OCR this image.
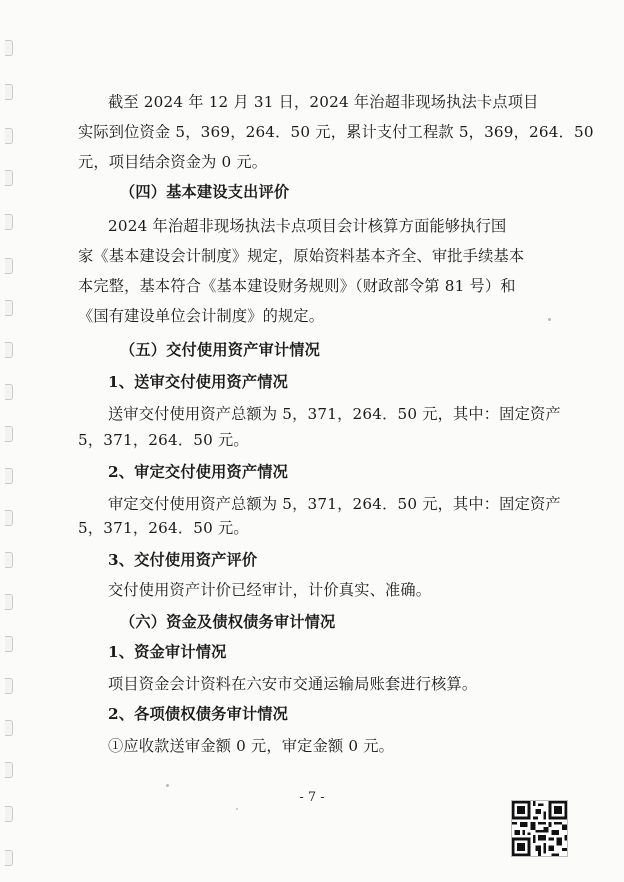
截至 2024 年 12 月 31 日，2024 年治超非现场执法卡点项目
实际到位资金 5，369，264．50 元，累计支付工程款 5，369，264．50
元，项目结余资金为 0 元。
（四）基本建设支出评价
2024 年治超非现场执法卡点项目会计核算方面能够执行国
家《基本建设会计制度》规定，原始资料基本齐全、审批手续基本
本完整，基本符合《基本建设财务规则》（财政部令第 81 号）和
《国有建设单位会计制度》的规定。
（五）交付使用资产审计情况
1、送审交付使用资产情况
送审交付使用资产总额为 5，371，264．50 元，其中：固定资产
5，371，264．50 元。
2、审定交付使用资产情况
审定交付使用资产总额为 5，371，264．50 元，其中：固定资产
5，371，264．50 元。
3、交付使用资产评价
交付使用资产计价已经审计，计价真实、准确。
（六）资金及债权债务审计情况
1、资金审计情况
项目资金会计资料在六安市交通运输局账套进行核算。
2、各项债权债务审计情况
①应收款送审金额 0 元，审定金额 0 元。
- 7 -
